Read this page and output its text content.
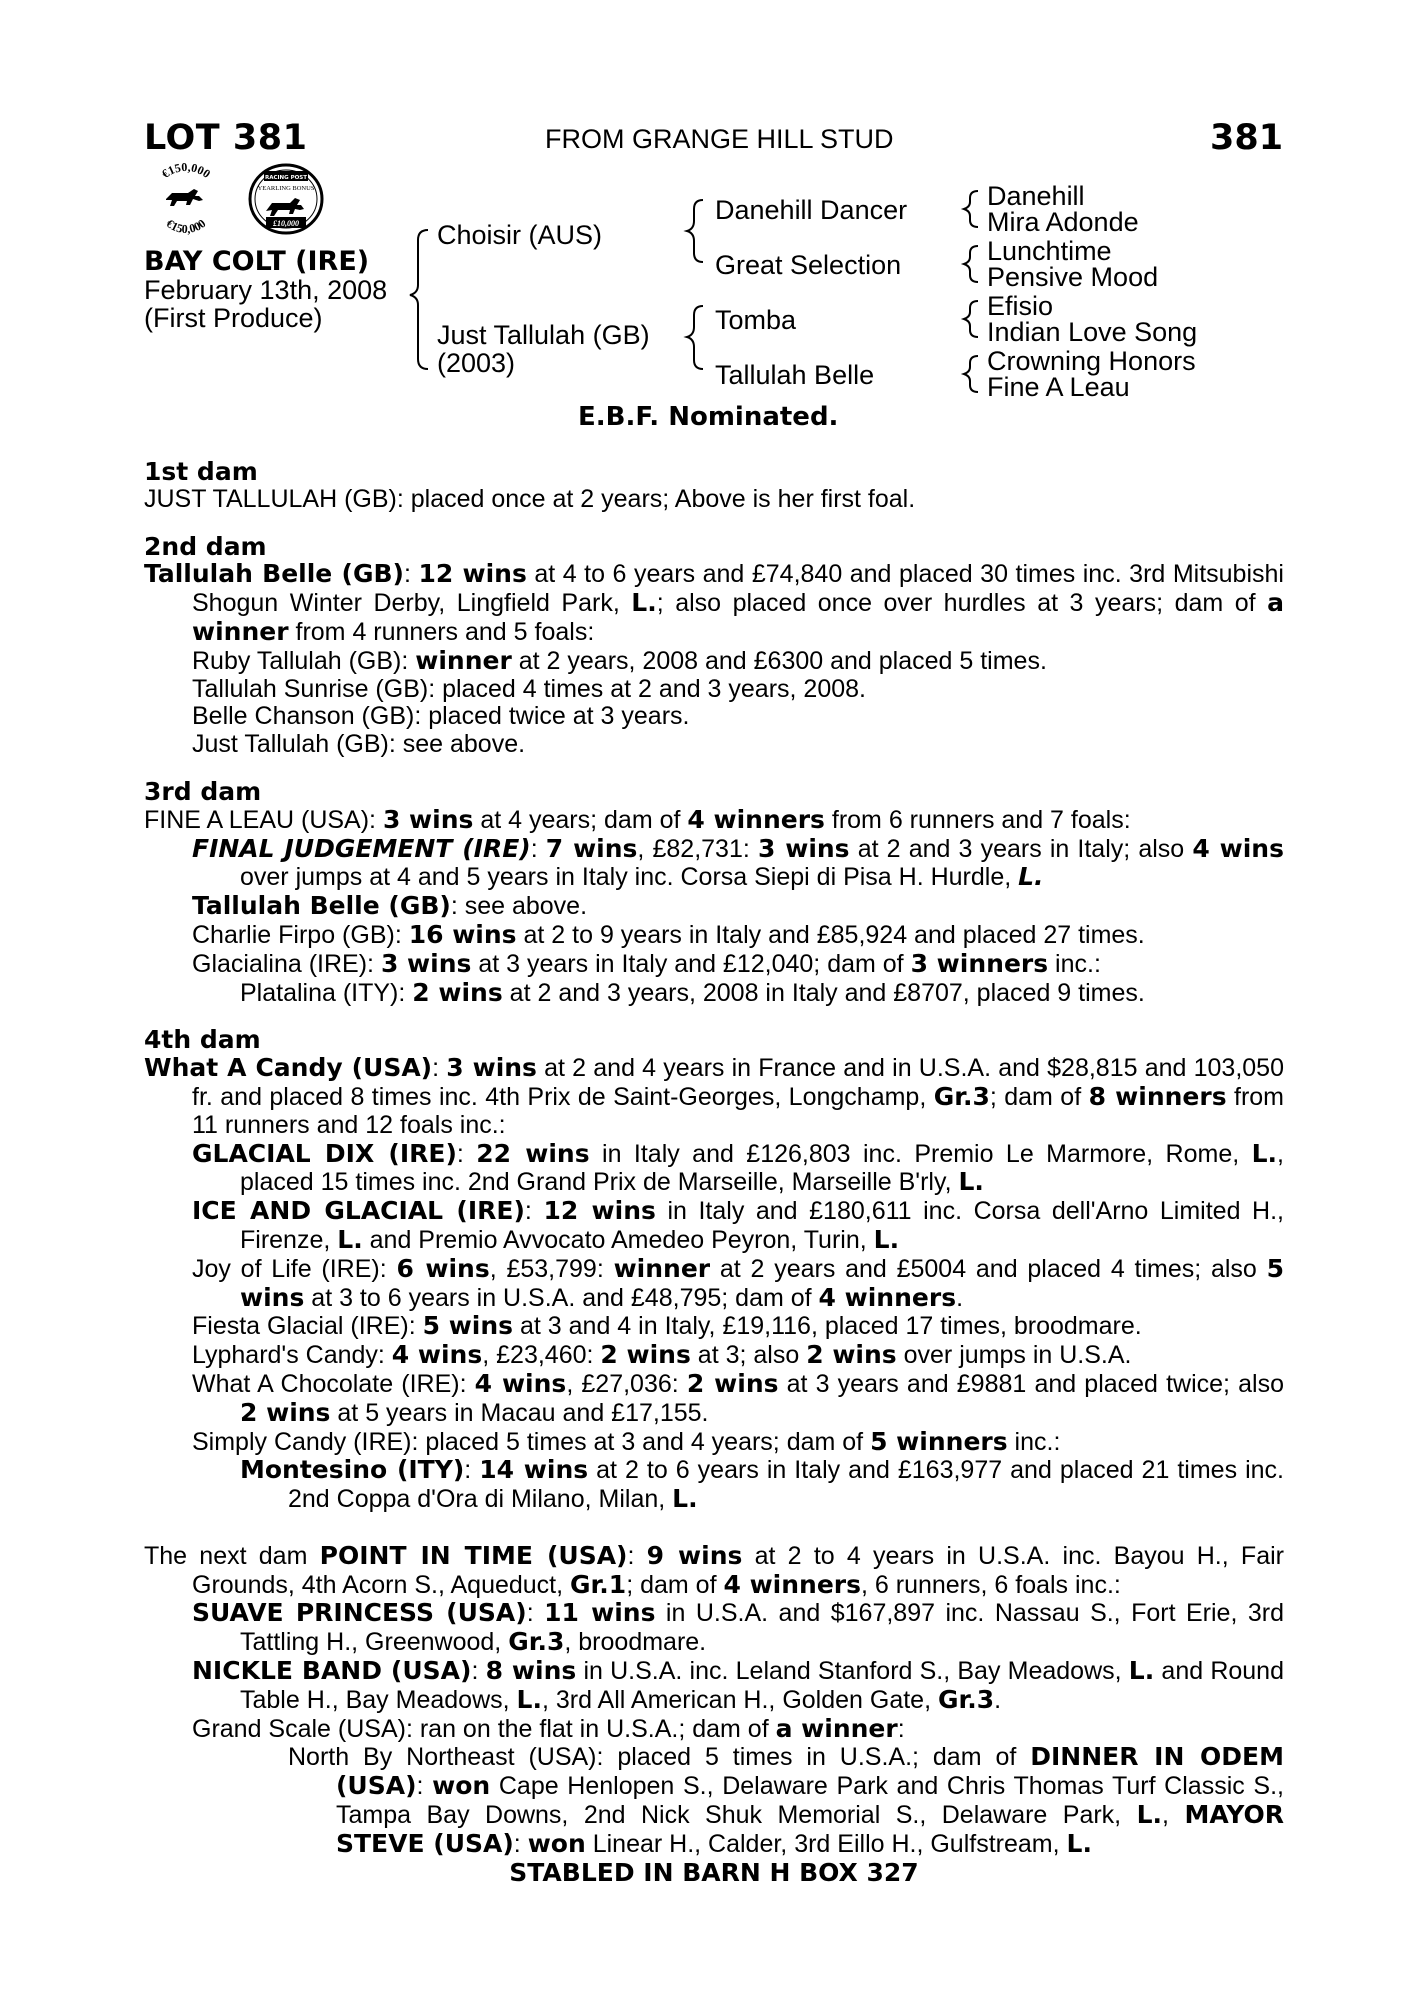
LOT 381	FROM GRANGE HILL STUD	381
€150,000
€150,000
RACING POST
YEARLING BONUS
£10,000
BAY COLT (IRE)
February 13th, 2008
(First Produce)
Choisir (AUS)
Just Tallulah (GB)
(2003)
Danehill Dancer
Great Selection
Tomba
Tallulah Belle
Danehill
Mira Adonde
Lunchtime
Pensive Mood
Efisio
Indian Love Song
Crowning Honors
Fine A Leau
E.B.F. Nominated.

1st dam

JUST TALLULAH (GB): placed once at 2 years; Above is her first foal.

2nd dam

Tallulah Belle (GB): 12 wins at 4 to 6 years and £74,840 and placed 30 times inc. 3rd Mitsubishi Shogun Winter Derby, Lingfield Park, L.; also placed once over hurdles at 3 years; dam of a winner from 4 runners and 5 foals:

Ruby Tallulah (GB): winner at 2 years, 2008 and £6300 and placed 5 times.

Tallulah Sunrise (GB): placed 4 times at 2 and 3 years, 2008.

Belle Chanson (GB): placed twice at 3 years.

Just Tallulah (GB): see above.

3rd dam

FINE A LEAU (USA): 3 wins at 4 years; dam of 4 winners from 6 runners and 7 foals:

FINAL JUDGEMENT (IRE): 7 wins, £82,731: 3 wins at 2 and 3 years in Italy; also 4 wins over jumps at 4 and 5 years in Italy inc. Corsa Siepi di Pisa H. Hurdle, L.

Tallulah Belle (GB): see above.

Charlie Firpo (GB): 16 wins at 2 to 9 years in Italy and £85,924 and placed 27 times.

Glacialina (IRE): 3 wins at 3 years in Italy and £12,040; dam of 3 winners inc.:

Platalina (ITY): 2 wins at 2 and 3 years, 2008 in Italy and £8707, placed 9 times.

4th dam

What A Candy (USA): 3 wins at 2 and 4 years in France and in U.S.A. and $28,815 and 103,050 fr. and placed 8 times inc. 4th Prix de Saint-Georges, Longchamp, Gr.3; dam of 8 winners from 11 runners and 12 foals inc.:

GLACIAL DIX (IRE): 22 wins in Italy and £126,803 inc. Premio Le Marmore, Rome, L., placed 15 times inc. 2nd Grand Prix de Marseille, Marseille B'rly, L.

ICE AND GLACIAL (IRE): 12 wins in Italy and £180,611 inc. Corsa dell'Arno Limited H., Firenze, L. and Premio Avvocato Amedeo Peyron, Turin, L.

Joy of Life (IRE): 6 wins, £53,799: winner at 2 years and £5004 and placed 4 times; also 5 wins at 3 to 6 years in U.S.A. and £48,795; dam of 4 winners.

Fiesta Glacial (IRE): 5 wins at 3 and 4 in Italy, £19,116, placed 17 times, broodmare.

Lyphard's Candy: 4 wins, £23,460: 2 wins at 3; also 2 wins over jumps in U.S.A.

What A Chocolate (IRE): 4 wins, £27,036: 2 wins at 3 years and £9881 and placed twice; also 2 wins at 5 years in Macau and £17,155.

Simply Candy (IRE): placed 5 times at 3 and 4 years; dam of 5 winners inc.:

Montesino (ITY): 14 wins at 2 to 6 years in Italy and £163,977 and placed 21 times inc. 2nd Coppa d'Ora di Milano, Milan, L.

The next dam POINT IN TIME (USA): 9 wins at 2 to 4 years in U.S.A. inc. Bayou H., Fair Grounds, 4th Acorn S., Aqueduct, Gr.1; dam of 4 winners, 6 runners, 6 foals inc.:

SUAVE PRINCESS (USA): 11 wins in U.S.A. and $167,897 inc. Nassau S., Fort Erie, 3rd Tattling H., Greenwood, Gr.3, broodmare.

NICKLE BAND (USA): 8 wins in U.S.A. inc. Leland Stanford S., Bay Meadows, L. and Round Table H., Bay Meadows, L., 3rd All American H., Golden Gate, Gr.3.

Grand Scale (USA): ran on the flat in U.S.A.; dam of a winner:

North By Northeast (USA): placed 5 times in U.S.A.; dam of DINNER IN ODEM (USA): won Cape Henlopen S., Delaware Park and Chris Thomas Turf Classic S., Tampa Bay Downs, 2nd Nick Shuk Memorial S., Delaware Park, L., MAYOR STEVE (USA): won Linear H., Calder, 3rd Eillo H., Gulfstream, L.

STABLED IN BARN H BOX 327
